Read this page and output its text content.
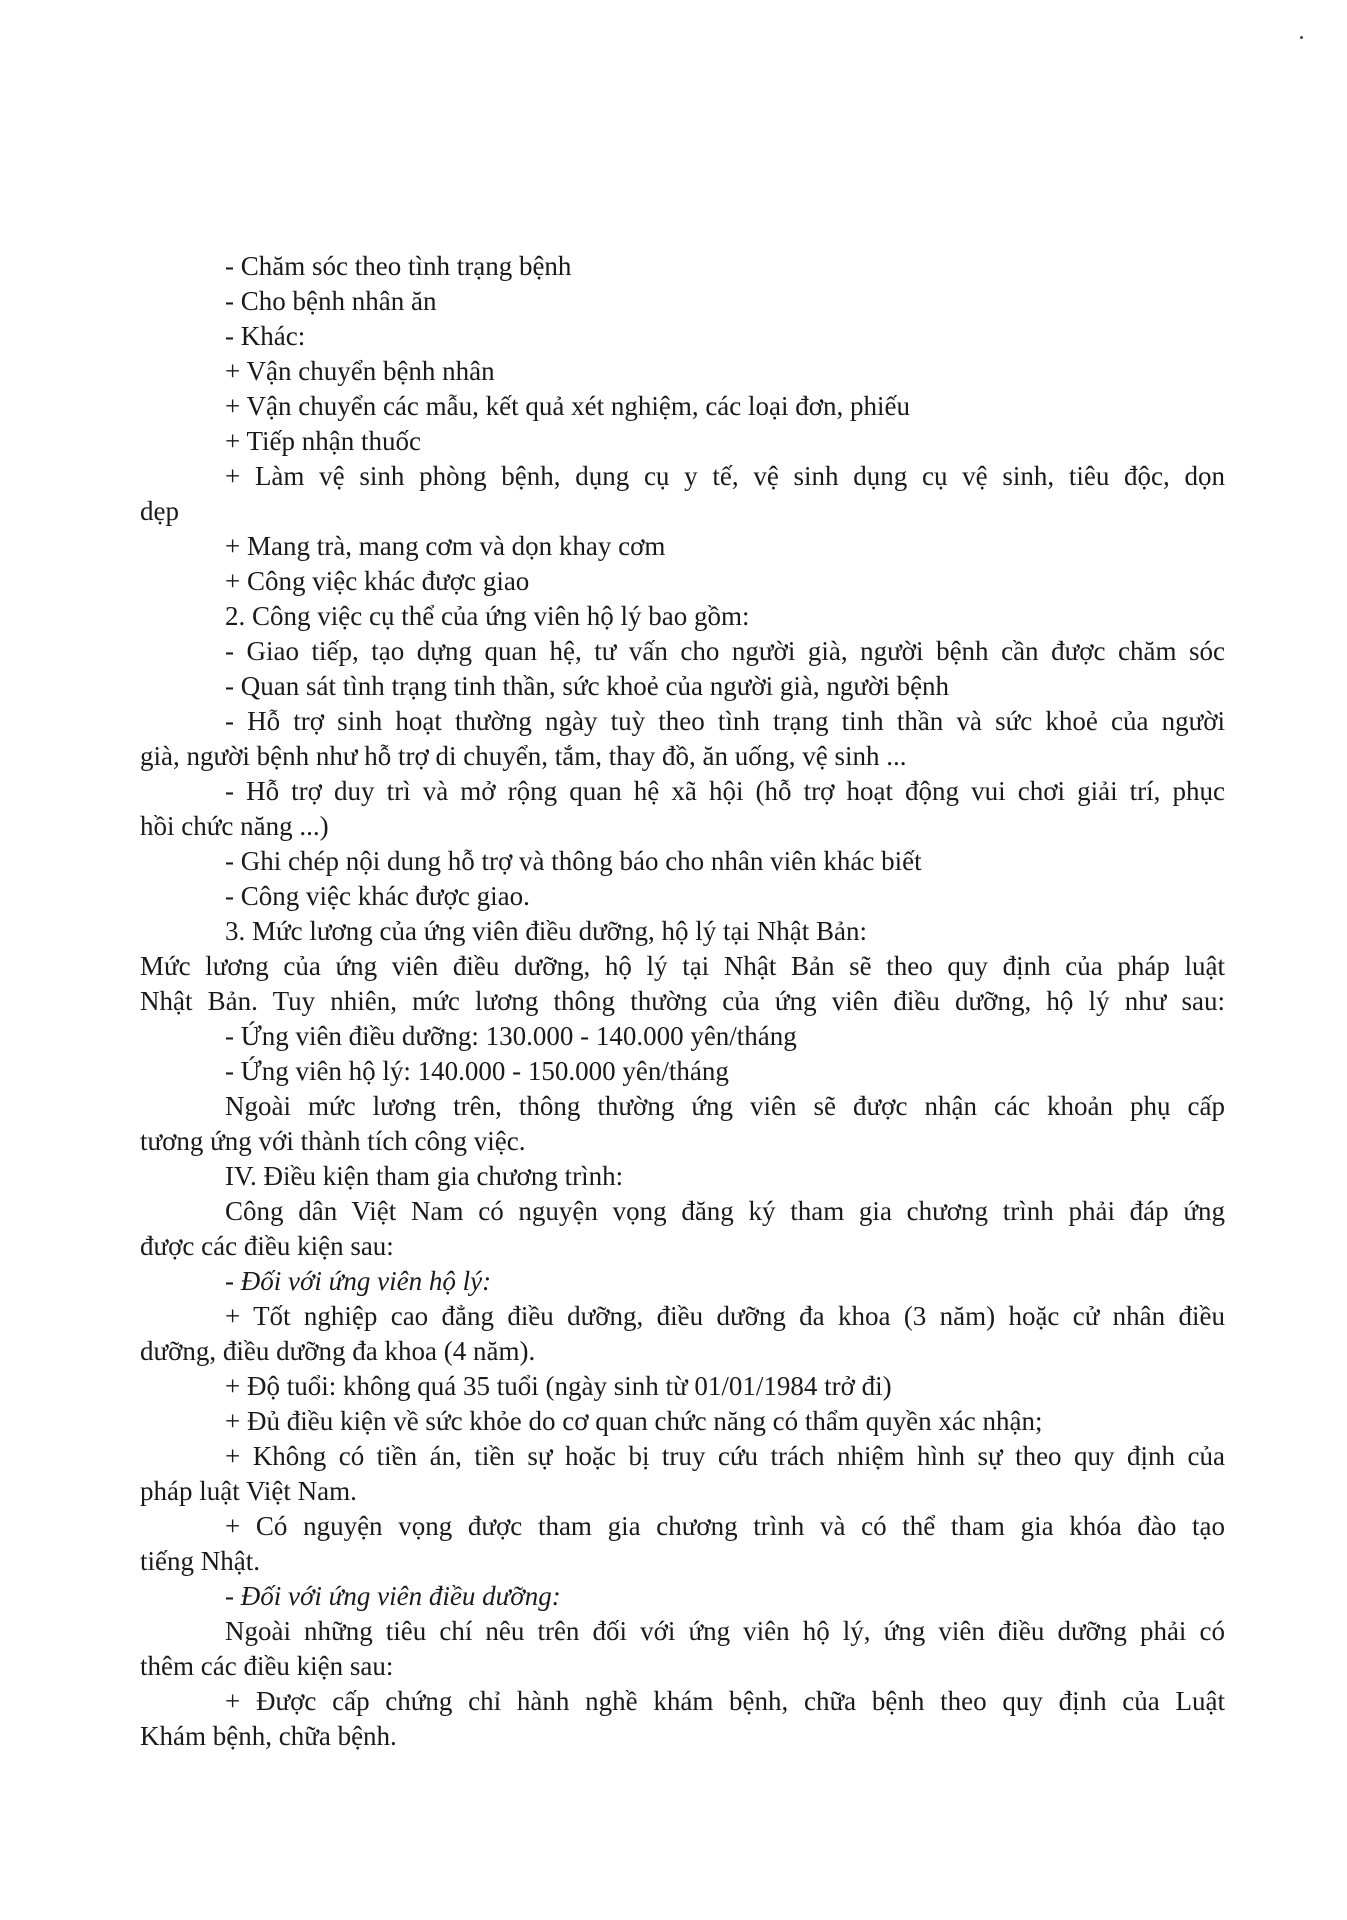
- Chăm sóc theo tình trạng bệnh
- Cho bệnh nhân ăn
- Khác:
+ Vận chuyển bệnh nhân
+ Vận chuyển các mẫu, kết quả xét nghiệm, các loại đơn, phiếu
+ Tiếp nhận thuốc
+ Làm vệ sinh phòng bệnh, dụng cụ y tế, vệ sinh dụng cụ vệ sinh, tiêu độc, dọn
dẹp
+ Mang trà, mang cơm và dọn khay cơm
+ Công việc khác được giao
2. Công việc cụ thể của ứng viên hộ lý bao gồm:
- Giao tiếp, tạo dựng quan hệ, tư vấn cho người già, người bệnh cần được chăm sóc
- Quan sát tình trạng tinh thần, sức khoẻ của người già, người bệnh
- Hỗ trợ sinh hoạt thường ngày tuỳ theo tình trạng tinh thần và sức khoẻ của người
già, người bệnh như hỗ trợ di chuyển, tắm, thay đồ, ăn uống, vệ sinh ...
- Hỗ trợ duy trì và mở rộng quan hệ xã hội (hỗ trợ hoạt động vui chơi giải trí, phục
hồi chức năng ...)
- Ghi chép nội dung hỗ trợ và thông báo cho nhân viên khác biết
- Công việc khác được giao.
3. Mức lương của ứng viên điều dưỡng, hộ lý tại Nhật Bản:
Mức lương của ứng viên điều dưỡng, hộ lý tại Nhật Bản sẽ theo quy định của pháp luật
Nhật Bản. Tuy nhiên, mức lương thông thường của ứng viên điều dưỡng, hộ lý như sau:
- Ứng viên điều dưỡng: 130.000 - 140.000 yên/tháng
- Ứng viên hộ lý: 140.000 - 150.000 yên/tháng
Ngoài mức lương trên, thông thường ứng viên sẽ được nhận các khoản phụ cấp
tương ứng với thành tích công việc.
IV. Điều kiện tham gia chương trình:
Công dân Việt Nam có nguyện vọng đăng ký tham gia chương trình phải đáp ứng
được các điều kiện sau:
- Đối với ứng viên hộ lý:
+ Tốt nghiệp cao đẳng điều dưỡng, điều dưỡng đa khoa (3 năm) hoặc cử nhân điều
dưỡng, điều dưỡng đa khoa (4 năm).
+ Độ tuổi: không quá 35 tuổi (ngày sinh từ 01/01/1984 trở đi)
+ Đủ điều kiện về sức khỏe do cơ quan chức năng có thẩm quyền xác nhận;
+ Không có tiền án, tiền sự hoặc bị truy cứu trách nhiệm hình sự theo quy định của
pháp luật Việt Nam.
+ Có nguyện vọng được tham gia chương trình và có thể tham gia khóa đào tạo
tiếng Nhật.
- Đối với ứng viên điều dưỡng:
Ngoài những tiêu chí nêu trên đối với ứng viên hộ lý, ứng viên điều dưỡng phải có
thêm các điều kiện sau:
+ Được cấp chứng chỉ hành nghề khám bệnh, chữa bệnh theo quy định của Luật
Khám bệnh, chữa bệnh.
